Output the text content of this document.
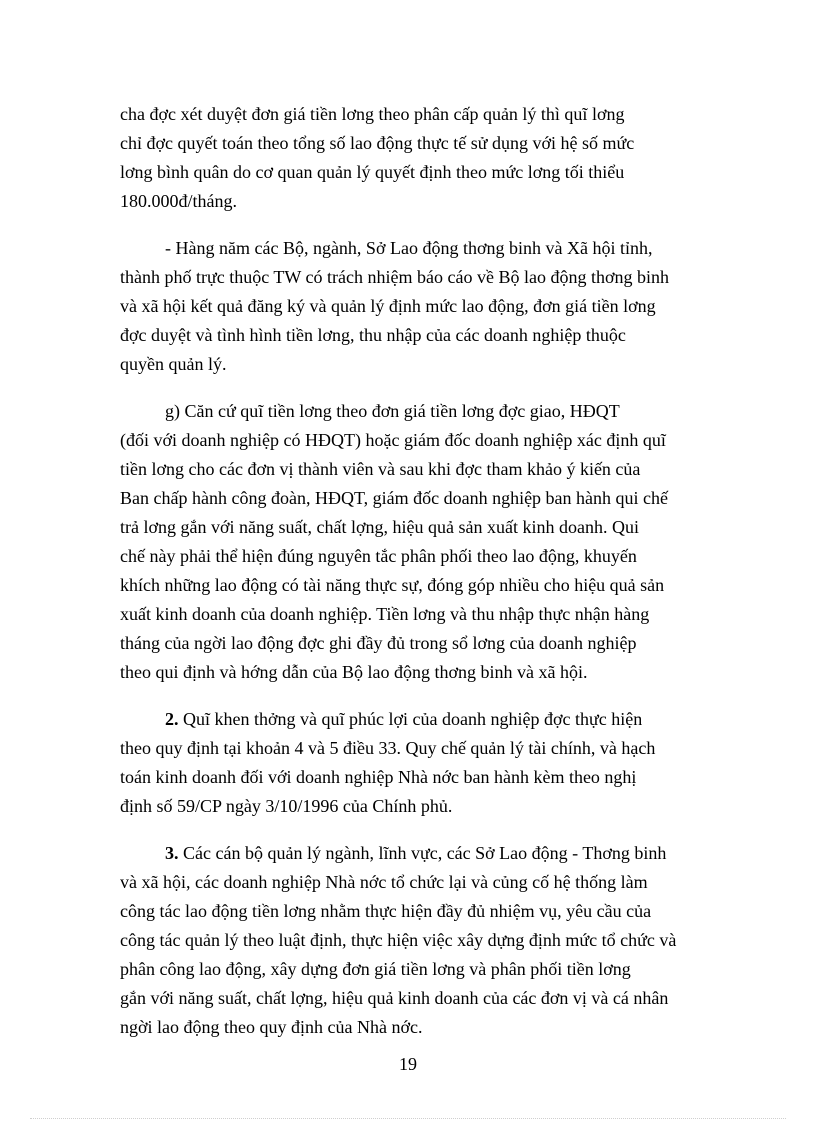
cha đợc xét duyệt đơn giá tiền lơng theo phân cấp quản lý thì quĩ lơng
chỉ đợc quyết toán theo tổng số lao động thực tế sử dụng với hệ số mức
lơng bình quân do cơ quan quản lý quyết định theo mức lơng tối thiểu
180.000đ/tháng.
- Hàng năm các Bộ, ngành, Sở Lao động thơng binh và Xã hội tỉnh,
thành phố trực thuộc TW có trách nhiệm báo cáo về Bộ lao động thơng binh
và xã hội kết quả đăng ký và quản lý định mức lao động, đơn giá tiền lơng
đợc duyệt và tình hình tiền lơng, thu nhập của các doanh nghiệp thuộc
quyền quản lý.
g) Căn cứ quĩ tiền lơng theo đơn giá tiền lơng đợc giao, HĐQT
(đối với doanh nghiệp có HĐQT) hoặc giám đốc doanh nghiệp xác định quĩ
tiền lơng cho các đơn vị thành viên và sau khi đợc tham khảo ý kiến của
Ban chấp hành công đoàn, HĐQT, giám đốc doanh nghiệp ban hành qui chế
trả lơng gắn với năng suất, chất lợng, hiệu quả sản xuất kinh doanh. Qui
chế này phải thể hiện đúng nguyên tắc phân phối theo lao động, khuyến
khích những lao động có tài năng thực sự, đóng góp nhiều cho hiệu quả sản
xuất kinh doanh của doanh nghiệp. Tiền lơng và thu nhập thực nhận hàng
tháng của ngời lao động đợc ghi đầy đủ trong sổ lơng của doanh nghiệp
theo qui định và hớng dẫn của Bộ lao động thơng binh và xã hội.
2. Quĩ khen thởng và quĩ phúc lợi của doanh nghiệp đợc thực hiện
theo quy định tại khoản 4 và 5 điều 33. Quy chế quản lý tài chính, và hạch
toán kinh doanh đối với doanh nghiệp Nhà nớc ban hành kèm theo nghị
định số 59/CP ngày 3/10/1996 của Chính phủ.
3. Các cán bộ quản lý ngành, lĩnh vực, các Sở Lao động - Thơng binh
và xã hội, các doanh nghiệp Nhà nớc tổ chức lại và củng cố hệ thống làm
công tác lao động tiền lơng nhằm thực hiện đầy đủ nhiệm vụ, yêu cầu của
công tác quản lý theo luật định, thực hiện việc xây dựng định mức tổ chức và
phân công lao động, xây dựng đơn giá tiền lơng và phân phối tiền lơng
gắn với năng suất, chất lợng, hiệu quả kinh doanh của các đơn vị và cá nhân
ngời lao động theo quy định của Nhà nớc.
19
